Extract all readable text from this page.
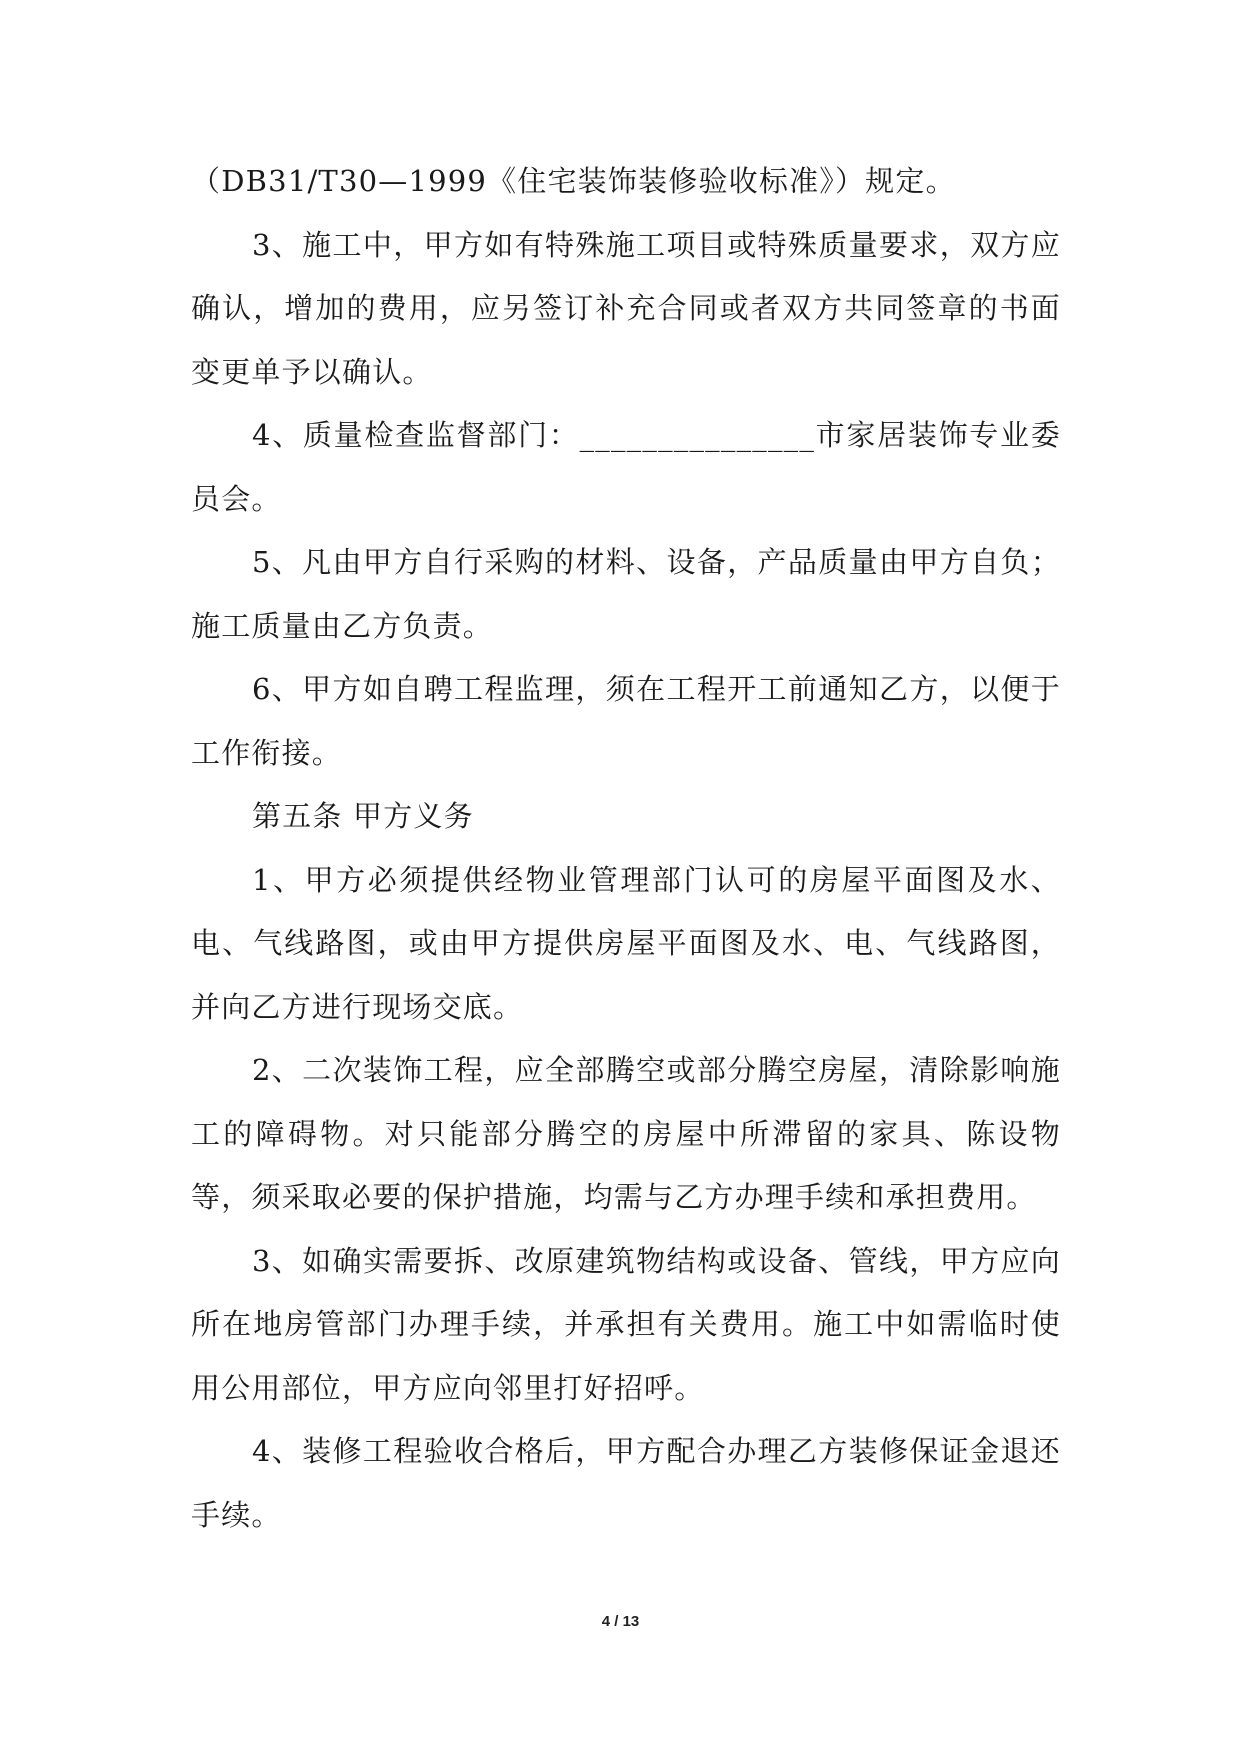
（DB31/T30—1999《住宅装饰装修验收标准》）规定。

3、施工中，甲方如有特殊施工项目或特殊质量要求，双方应确认，增加的费用，应另签订补充合同或者双方共同签章的书面变更单予以确认。

4、质量检查监督部门：_______________市家居装饰专业委员会。

5、凡由甲方自行采购的材料、设备，产品质量由甲方自负；施工质量由乙方负责。

6、甲方如自聘工程监理，须在工程开工前通知乙方，以便于工作衔接。

第五条 甲方义务

1、甲方必须提供经物业管理部门认可的房屋平面图及水、电、气线路图，或由甲方提供房屋平面图及水、电、气线路图，并向乙方进行现场交底。

2、二次装饰工程，应全部腾空或部分腾空房屋，清除影响施工的障碍物。对只能部分腾空的房屋中所滞留的家具、陈设物等，须采取必要的保护措施，均需与乙方办理手续和承担费用。

3、如确实需要拆、改原建筑物结构或设备、管线，甲方应向所在地房管部门办理手续，并承担有关费用。施工中如需临时使用公用部位，甲方应向邻里打好招呼。

4、装修工程验收合格后，甲方配合办理乙方装修保证金退还手续。

4 / 13
